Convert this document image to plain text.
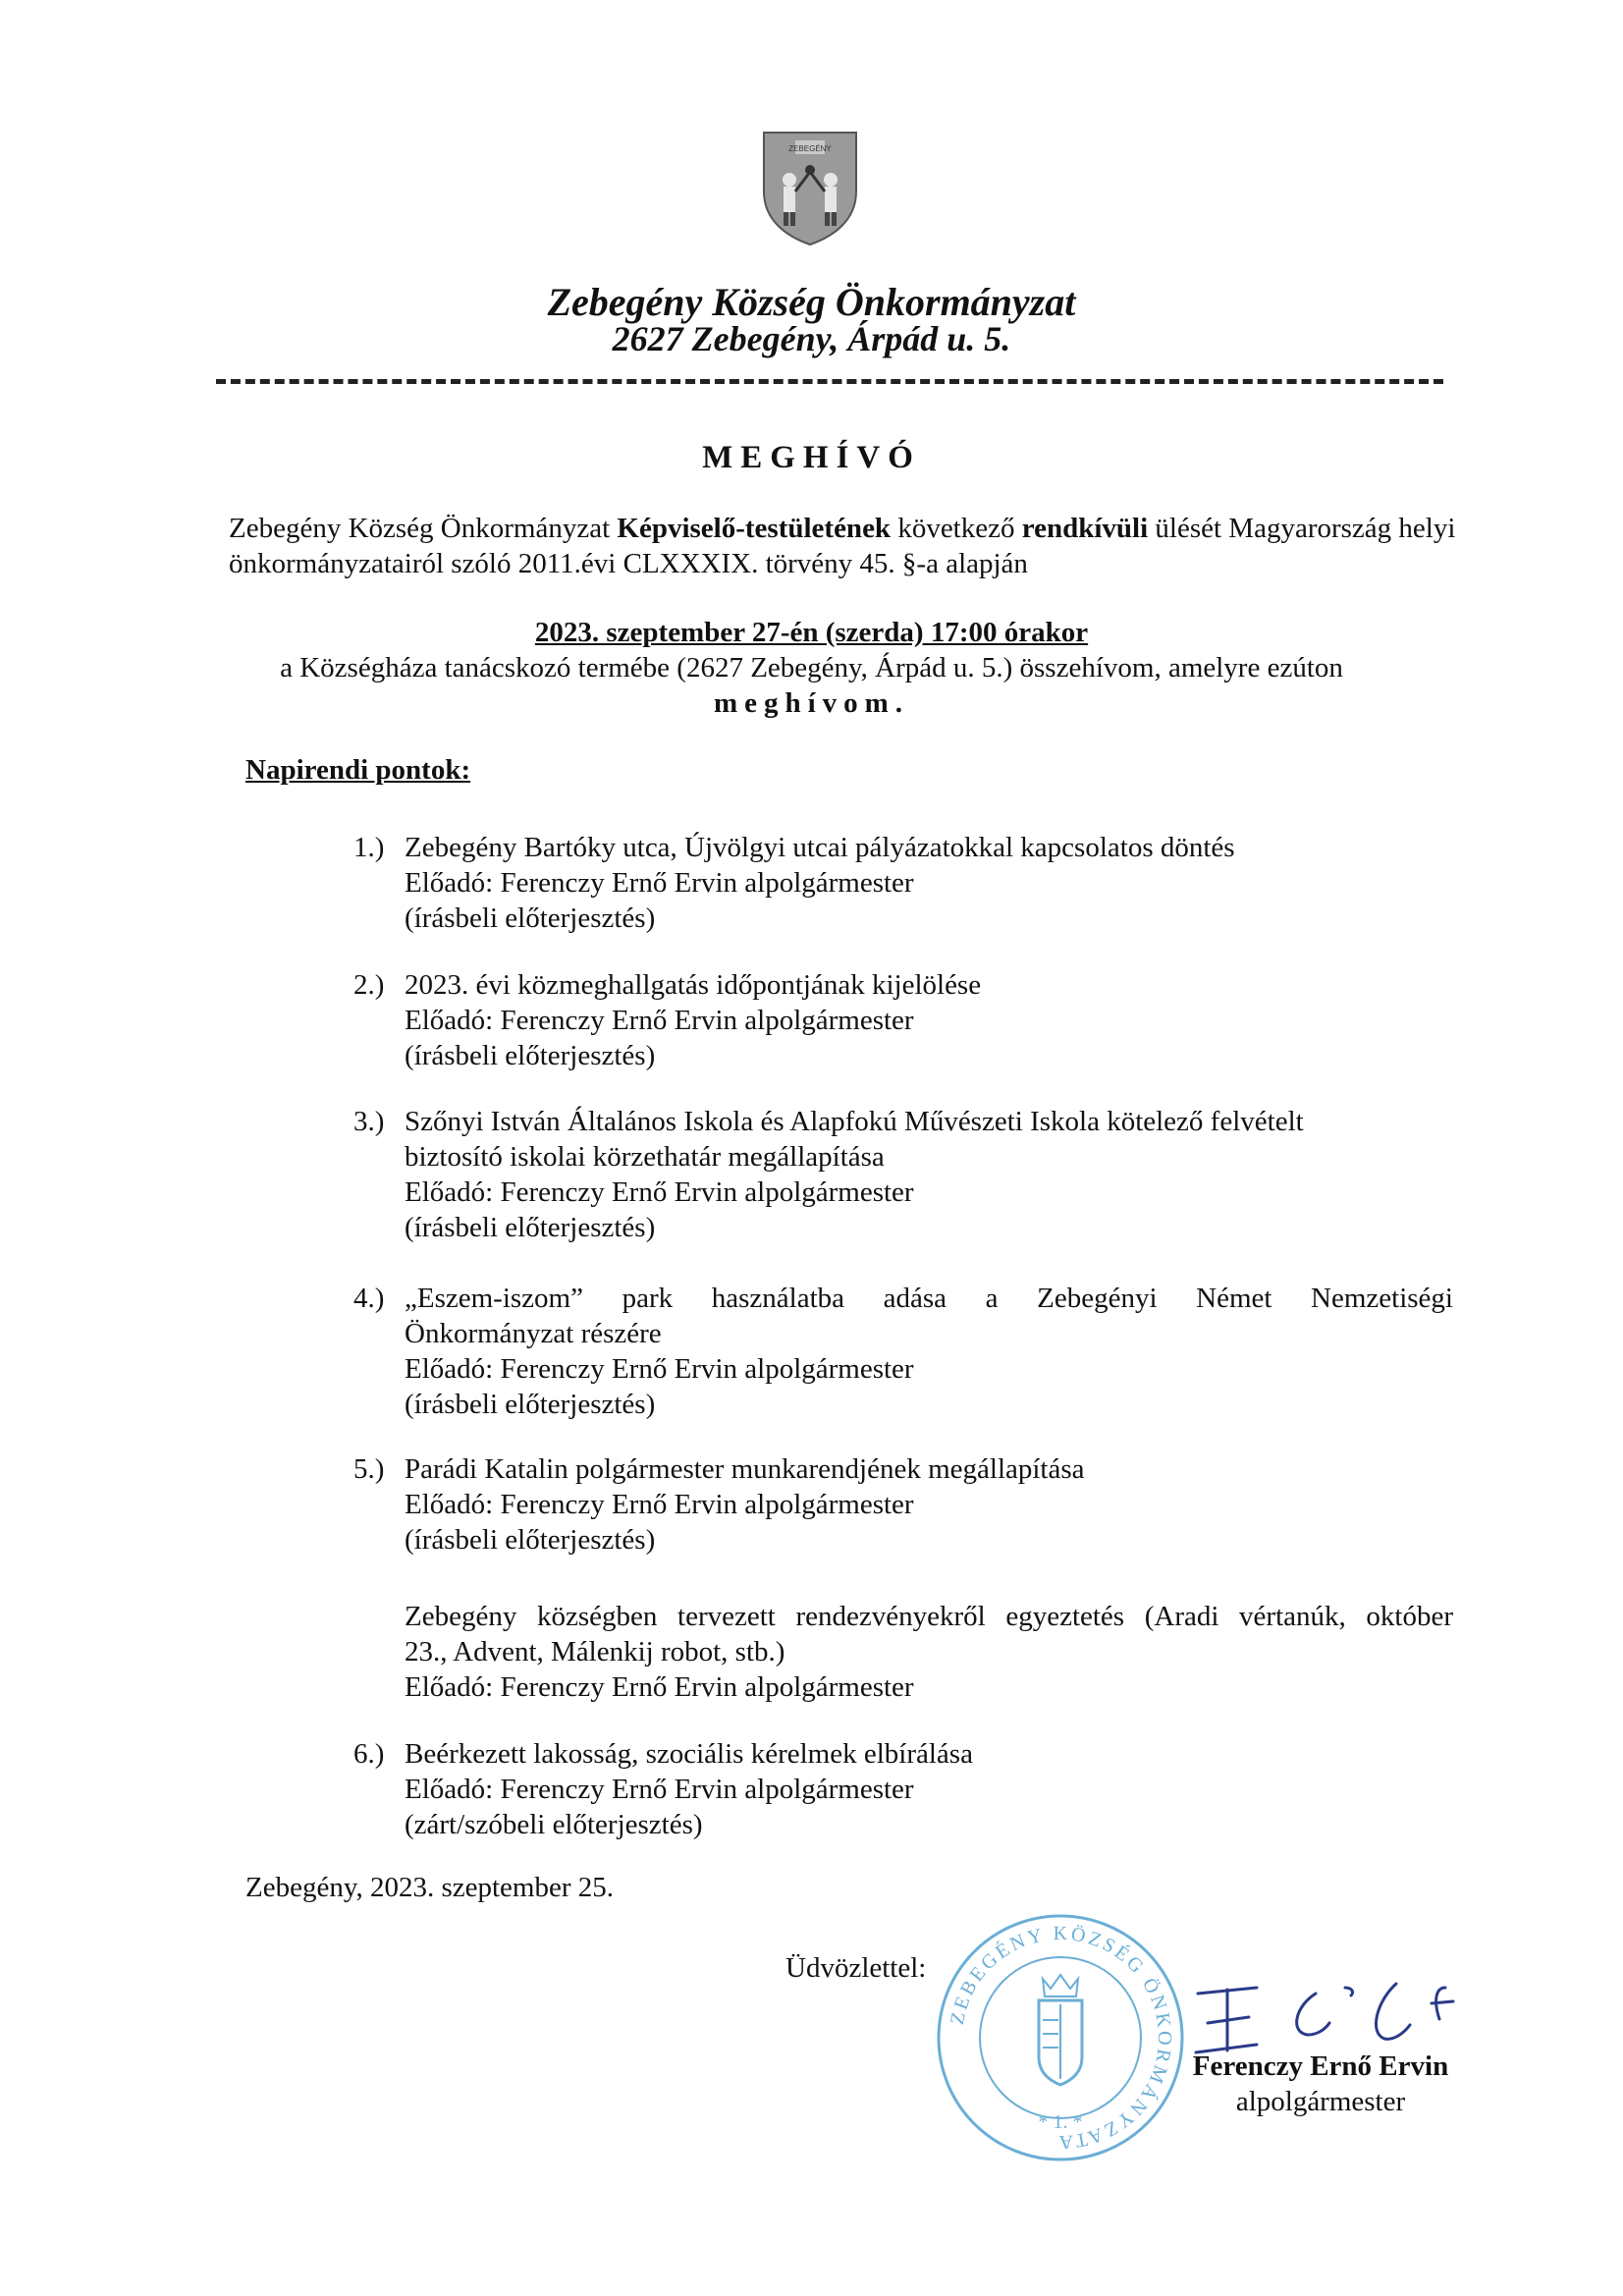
ZEBEGÉNY
Zebegény Község Önkormányzat
2627 Zebegény, Árpád u. 5.
MEGHÍVÓ
Zebegény Község Önkormányzat Képviselő-testületének következő rendkívüli ülését Magyarország helyi önkormányzatairól szóló 2011.évi CLXXXIX. törvény 45. §-a alapján
2023. szeptember 27-én (szerda) 17:00 órakor
a Községháza tanácskozó termébe (2627 Zebegény, Árpád u. 5.) összehívom, amelyre ezúton
meghívom.
Napirendi pontok:
1.) Zebegény Bartóky utca, Újvölgyi utcai pályázatokkal kapcsolatos döntés
Előadó: Ferenczy Ernő Ervin alpolgármester
(írásbeli előterjesztés)
2.) 2023. évi közmeghallgatás időpontjának kijelölése
Előadó: Ferenczy Ernő Ervin alpolgármester
(írásbeli előterjesztés)
3.) Szőnyi István Általános Iskola és Alapfokú Művészeti Iskola kötelező felvételt
biztosító iskolai körzethatár megállapítása
Előadó: Ferenczy Ernő Ervin alpolgármester
(írásbeli előterjesztés)
4.) „Eszem-iszom” park használatba adása a Zebegényi Német Nemzetiségi
Önkormányzat részére
Előadó: Ferenczy Ernő Ervin alpolgármester
(írásbeli előterjesztés)
5.) Parádi Katalin polgármester munkarendjének megállapítása
Előadó: Ferenczy Ernő Ervin alpolgármester
(írásbeli előterjesztés)
Zebegény községben tervezett rendezvényekről egyeztetés (Aradi vértanúk, október
23., Advent, Málenkij robot, stb.)
Előadó: Ferenczy Ernő Ervin alpolgármester
6.) Beérkezett lakosság, szociális kérelmek elbírálása
Előadó: Ferenczy Ernő Ervin alpolgármester
(zárt/szóbeli előterjesztés)
Zebegény, 2023. szeptember 25.
Üdvözlettel:
ZEBEGÉNY KÖZSÉG ÖNKORMÁNYZATA
* 1. *
Ferenczy Ernő Ervin
alpolgármester
